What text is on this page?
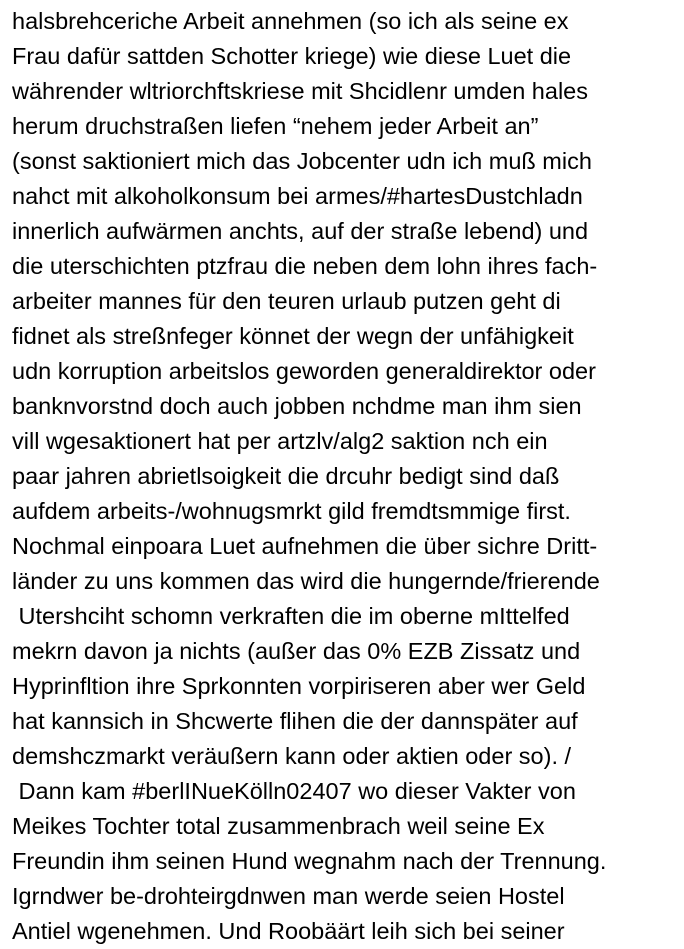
halsbrehceriche Arbeit annehmen (so ich als seine ex
Frau dafür sattden Schotter kriege) wie diese Luet die
währender wltriorchftskriese mit Shcidlenr umden hales
herum druchstraßen liefen “nehem jeder Arbeit an”
(sonst saktioniert mich das Jobcenter udn ich muß mich
nahct mit alkoholkonsum bei armes/#hartesDustchladn
innerlich aufwärmen anchts, auf der straße lebend) und
die uterschichten ptzfrau die neben dem lohn ihres fach-
arbeiter mannes für den teuren urlaub putzen geht di
fidnet als streßnfeger könnet der wegn der unfähigkeit
udn korruption arbeitslos geworden generaldirektor oder
banknvorstnd doch auch jobben nchdme man ihm sien
vill wgesaktionert hat per artzlv/alg2 saktion nch ein
paar jahren abrietlsoigkeit die drcuhr bedigt sind daß
aufdem arbeits-/wohnugsmrkt gild fremdtsmmige first.
Nochmal einpoara Luet aufnehmen die über sichre Dritt-
länder zu uns kommen das wird die hungernde/frierende
Utershciht schomn verkraften die im oberne mIttelfed
mekrn davon ja nichts (außer das 0% EZB Zissatz und
Hyprinfltion ihre Sprkonnten vorpiriseren aber wer Geld
hat kannsich in Shcwerte flihen die der dannspäter auf
demshczmarkt veräußern kann oder aktien oder so). /
Dann kam #berlINueKölln02407 wo dieser Vakter von
Meikes Tochter total zusammenbrach weil seine Ex
Freundin ihm seinen Hund wegnahm nach der Trennung.
Igrndwer be-drohteirgdnwen man werde seien Hostel
Antiel wgenehmen. Und Roobäärt leih sich bei seiner
